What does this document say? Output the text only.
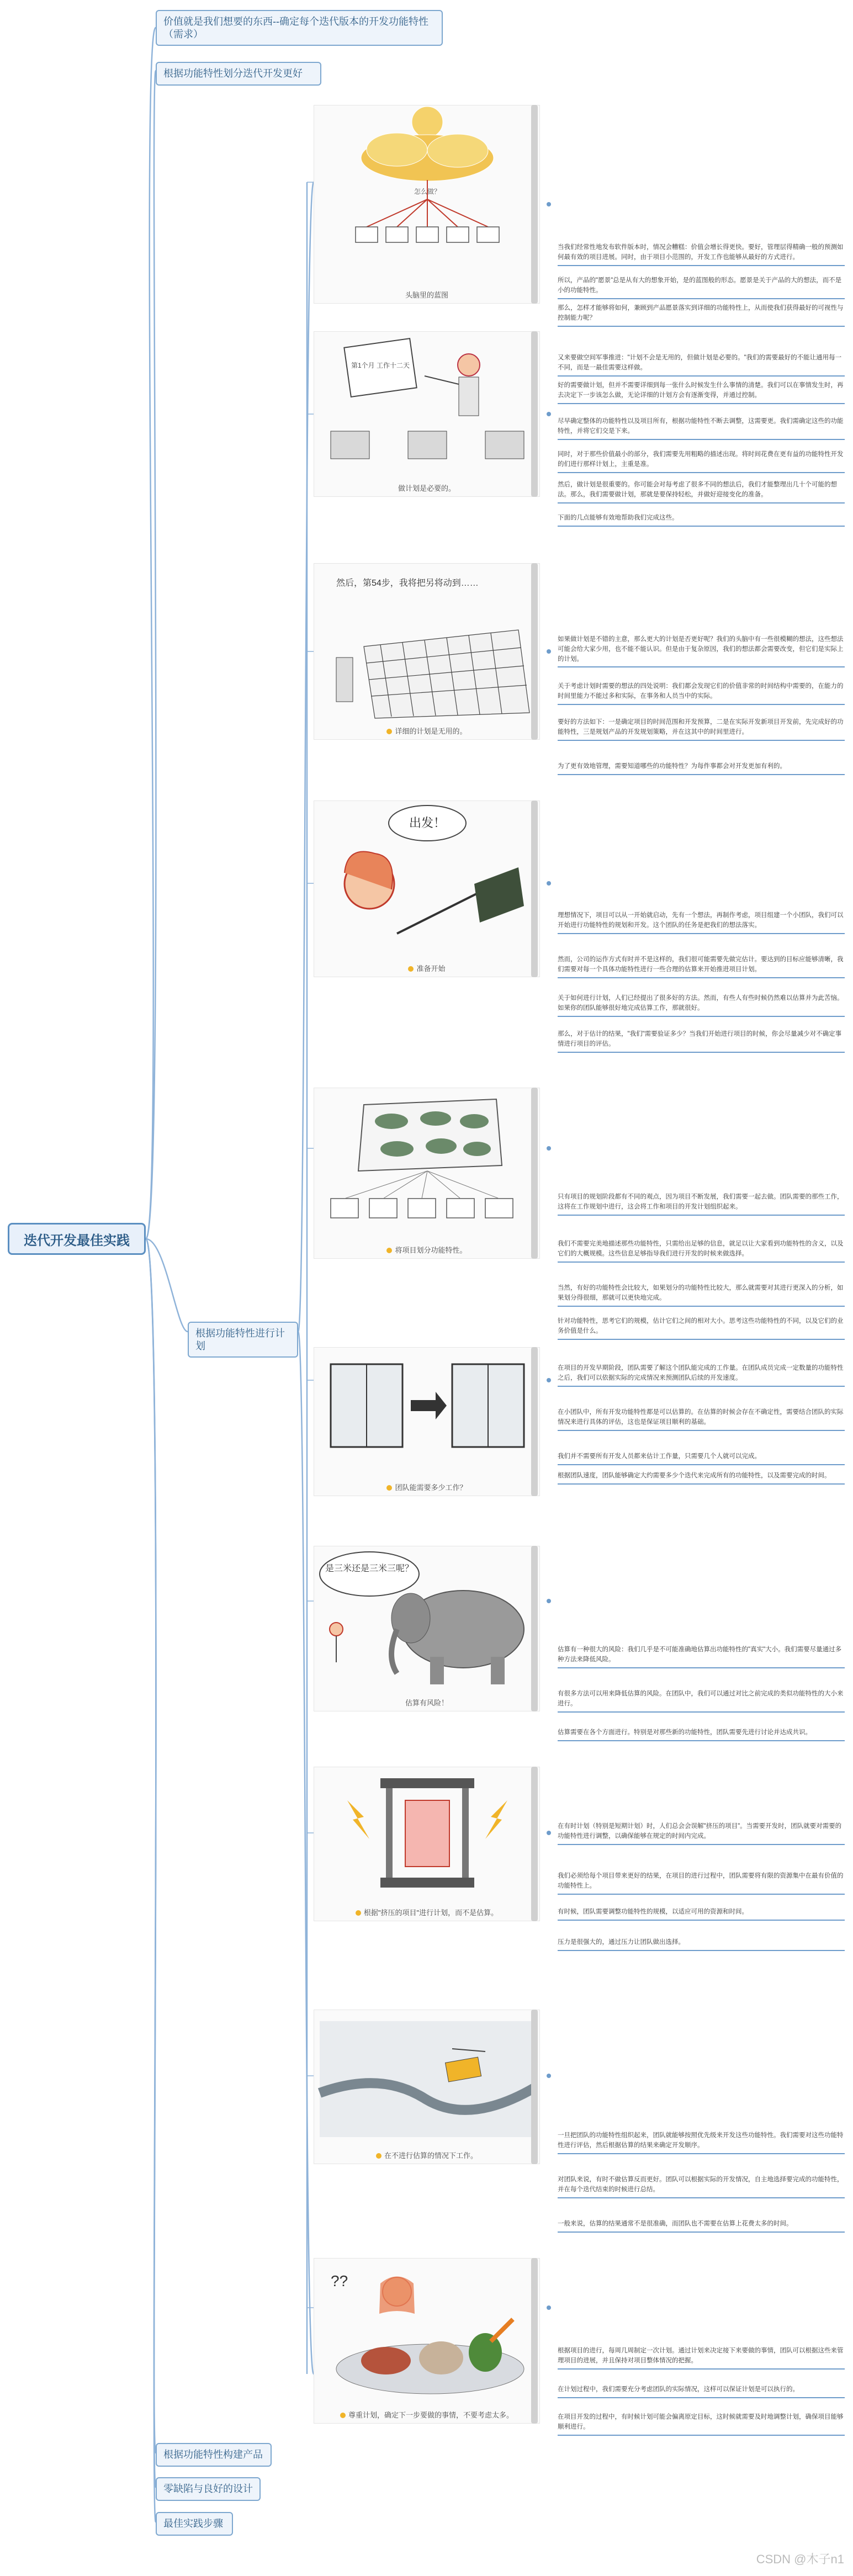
迭代开发最佳实践
价值就是我们想要的东西--确定每个迭代版本的开发功能特性（需求）
根据功能特性划分迭代开发更好
根据功能特性进行计划
根据功能特性构建产品
零缺陷与良好的设计
最佳实践步骤
怎么做？
头脑里的蓝图
当我们经常性地发布软件版本时，情况会糟糕：价值会增长得更快。要好，管理层得精确一般的预测如何最有效的项目进展。同时，由于项目小范围的，开发工作也能够从最好的方式进行。
所以，产品的"愿景"总是从有大的想象开始，是的蓝图般的形态。愿景是关于产品的大的想法，而不是小的功能特性。
那么，怎样才能够将如何，兼顾到产品愿景落实到详细的功能特性上，从而使我们获得最好的可视性与控制能力呢？
第1个月 工作十二天
做计划是必要的。
又来要做空间军事推进："计划不会是无用的，但做计划是必要的。"我们的需要最好的不能让通用每一不同，而是一最佳需要这样做。
好的需要做计划，但并不需要详细到每一张什么时候发生什么事情的清楚。我们可以在事情发生时，再去决定下一步该怎么做，无论详细的计划方会有逐渐变得，并通过控制。
尽早确定整体的功能特性以及项目所有，根据功能特性不断去调整，这需要更。我们需确定这些的功能特性，并将它们交是下来。
同时，对于那些价值最小的部分，我们需要先用粗略的描述出现。将时间花费在更有益的功能特性开发的们进行那样计划上，主重是准。
然后，做计划是很重要的。你可能会对每考虑了很多不同的想法后，我们才能整理出几十个可能的想法。那么，我们需要做计划，那就是要保持轻松，并做好迎接变化的准备。
下面的几点能够有效地帮助我们完成这些。
然后，第54步，我将把另将动到……
详细的计划是无用的。
如果做计划是不错的主意，那么更大的计划是否更好呢？我们的头脑中有一些很模糊的想法，这些想法可能会给大家少用，也不能不能认识。但是由于复杂原因，我们的想法都会需要改变，但它们是实际上的计划。
关于考虑计划时需要的想法的四处说明：我们都会发现它们的价值非常的时间结构中需要的，在能力的时间里能力不能过多和实际，在事务和人员当中的实际。
要好的方法如下：一是确定项目的时间范围和开发预算，二是在实际开发新项目开发前，先完成好的功能特性，三是规划产品的开发规划策略，并在这其中的时间里进行。
为了更有效地管理，需要知道哪些的功能特性？为每件事都会对开发更加有利的。
出发！
准备开始
理想情况下，项目可以从一开始就启动，先有一个想法，再制作考虑，项目组建一个小团队，我们可以开始进行功能特性的规划和开发。这个团队的任务是把我们的想法落实。
然而，公司的运作方式有时并不是这样的，我们很可能需要先做完估计。要达到的目标应能够清晰，我们需要对每一个具体功能特性进行一些合理的估算来开始推进项目计划。
关于如何进行计划，人们已经提出了很多好的方法。然而，有些人有些时候仍然难以估算并为此苦恼。如果你的团队能够很好地完成估算工作，那就很好。
那么，对于估计的结果，"我们"需要验证多少？当我们开始进行项目的时候，你会尽量减少对不确定事情进行项目的评估。
将项目划分功能特性。
只有项目的规划阶段都有不同的观点，因为项目不断发展，我们需要一起去做。团队需要的那些工作，这将在工作规划中进行，这会将工作和项目的开发计划组织起来。
我们不需要完美地描述那些功能特性，只需给出足够的信息，就足以让大家看到功能特性的含义，以及它们的大概规模。这些信息足够指导我们进行开发的时候来做选择。
当然，有好的功能特性会比较大，如果划分的功能特性比较大，那么就需要对其进行更深入的分析，如果划分得很细，那就可以更快地完成。
针对功能特性，思考它们的规模，估计它们之间的相对大小。思考这些功能特性的不同，以及它们的业务价值是什么。
团队能需要多少工作？
在项目的开发早期阶段，团队需要了解这个团队能完成的工作量。在团队成员完成一定数量的功能特性之后，我们可以依据实际的完成情况来预测团队后续的开发速度。
在小团队中，所有开发功能特性都是可以估算的。在估算的时候会存在不确定性，需要结合团队的实际情况来进行具体的评估，这也是保证项目顺利的基础。
我们并不需要所有开发人员都来估计工作量，只需要几个人就可以完成。
根据团队速度，团队能够确定大约需要多少个迭代来完成所有的功能特性，以及需要完成的时间。
是三米还是三米三呢？
估算有风险！
估算有一种很大的风险：我们几乎是不可能准确地估算出功能特性的"真实"大小。我们需要尽量通过多种方法来降低风险。
有很多方法可以用来降低估算的风险。在团队中，我们可以通过对比之前完成的类似功能特性的大小来进行。
估算需要在各个方面进行。特别是对那些新的功能特性，团队需要先进行讨论并达成共识。
根据"挤压的项目"进行计划，而不是估算。
在有时计划（特别是短期计划）时，人们总会会误解"挤压的项目"。当需要开发时，团队就要对需要的功能特性进行调整，以确保能够在规定的时间内完成。
我们必须给每个项目带来更好的结果，在项目的进行过程中，团队需要将有限的资源集中在最有价值的功能特性上。
有时候，团队需要调整功能特性的规模，以适应可用的资源和时间。
压力是很强大的，通过压力让团队做出选择。
在不进行估算的情况下工作。
一旦把团队的功能特性组织起来，团队就能够按照优先级来开发这些功能特性。我们需要对这些功能特性进行评估，然后根据估算的结果来确定开发顺序。
对团队来说，有时不做估算反而更好。团队可以根据实际的开发情况，自主地选择要完成的功能特性，并在每个迭代结束的时候进行总结。
一般来说，估算的结果通常不是很准确，而团队也不需要在估算上花费太多的时间。
??
尊重计划，确定下一步要做的事情，不要考虑太多。
根据项目的进行，每周几周制定一次计划。通过计划来决定接下来要做的事情，团队可以根据这些来管理项目的进展，并且保持对项目整体情况的把握。
在计划过程中，我们需要充分考虑团队的实际情况，这样可以保证计划是可以执行的。
在项目开发的过程中，有时候计划可能会偏离原定目标，这时候就需要及时地调整计划，确保项目能够顺利进行。
CSDN @木子n1
